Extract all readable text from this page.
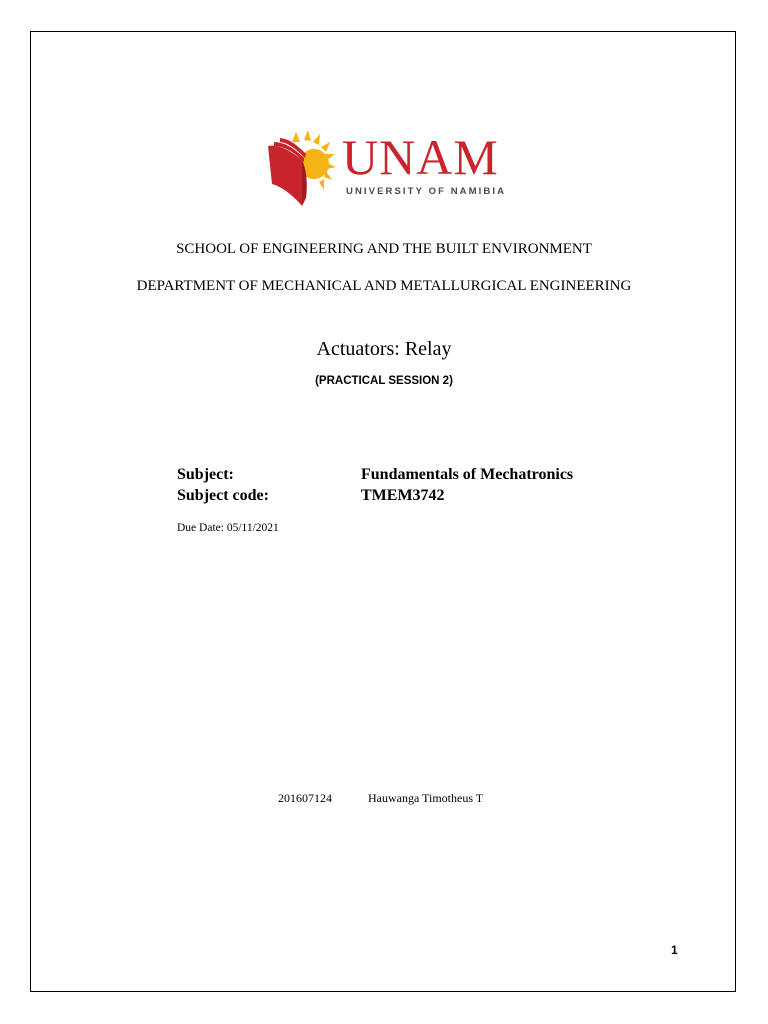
UNAM
UNIVERSITY OF NAMIBIA
SCHOOL OF ENGINEERING AND THE BUILT ENVIRONMENT
DEPARTMENT OF MECHANICAL AND METALLURGICAL ENGINEERING
Actuators: Relay
(PRACTICAL SESSION 2)
Subject:	Fundamentals of Mechatronics
Subject code:	TMEM3742
Due Date: 05/11/2021
201607124	Hauwanga Timotheus T
1
